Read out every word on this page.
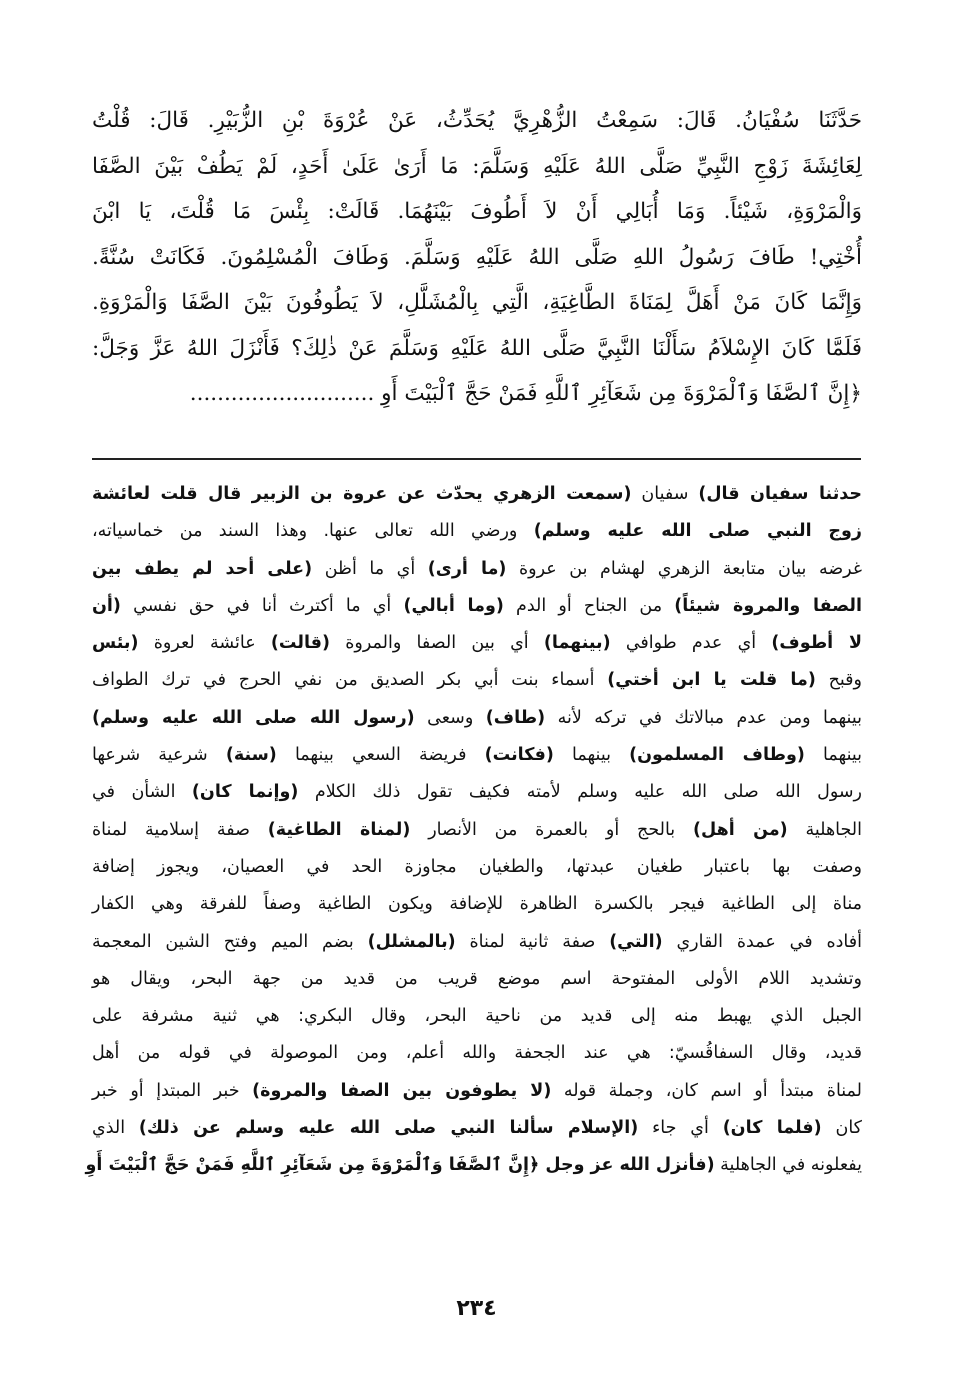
حَدَّثَنَا سُفْيَانُ. قَالَ: سَمِعْتُ الزُّهْرِيَّ يُحَدِّثُ، عَنْ عُرْوَةَ بْنِ الزُّبَيْرِ. قَالَ: قُلْتُ
لِعَائِشَةَ زَوْجِ النَّبِيِّ صَلَّى اللهُ عَلَيْهِ وَسَلَّمَ: مَا أَرَىٰ عَلَىٰ أَحَدٍ، لَمْ يَطُفْ بَيْنَ الصَّفَا
وَالْمَرْوَةِ، شَيْئاً. وَمَا أُبَالِي أَنْ لاَ أَطُوفَ بَيْنَهُمَا. قَالَتْ: بِئْسَ مَا قُلْتَ، يَا ابْنَ
أُخْتِي! طَافَ رَسُولُ اللهِ صَلَّى اللهُ عَلَيْهِ وَسَلَّمَ. وَطَافَ الْمُسْلِمُونَ. فَكَانَتْ سُنَّةً.
وَإِنَّمَا كَانَ مَنْ أَهَلَّ لِمَنَاةَ الطَّاغِيَةِ، الَّتِي بِالْمُشَلَّلِ، لاَ يَطُوفُونَ بَيْنَ الصَّفَا وَالْمَرْوَةِ.
فَلَمَّا كَانَ الإِسْلاَمُ سَأَلْنَا النَّبِيَّ صَلَّى اللهُ عَلَيْهِ وَسَلَّمَ عَنْ ذٰلِكَ؟ فَأَنْزَلَ اللهُ عَزَّ وَجَلَّ:
﴿إِنَّ ٱلصَّفَا وَٱلْمَرْوَةَ مِن شَعَآئِرِ ٱللَّهِ فَمَنْ حَجَّ ٱلْبَيْتَ أَوِ ...........................
حدثنا سفيان قال) سفيان (سمعت الزهري يحدّث عن عروة بن الزبير قال قلت لعائشة
زوج النبي صلى الله عليه وسلم) ورضي الله تعالى عنها. وهذا السند من خماسياته،
غرضه بيان متابعة الزهري لهشام بن عروة (ما أرى) أي ما أظن (على أحد لم يطف بين
الصفا والمروة شيئاً) من الجناح أو الدم (وما أبالي) أي ما أكترث أنا في حق نفسي (أن
لا أطوف) أي عدم طوافي (بينهما) أي بين الصفا والمروة (قالت) عائشة لعروة (بئس
وقبح (ما قلت يا ابن أختي) أسماء بنت أبي بكر الصديق من نفي الحرج في ترك الطواف
بينهما ومن عدم مبالاتك في تركه لأنه (طاف) وسعى (رسول الله صلى الله عليه وسلم)
بينهما (وطاف المسلمون) بينهما (فكانت) فريضة السعي بينهما (سنة) شرعية شرعها
رسول الله صلى الله عليه وسلم لأمته فكيف تقول ذلك الكلام (وإنما كان) الشأن في
الجاهلية (من أهل) بالحج أو بالعمرة من الأنصار (لمناة الطاغية) صفة إسلامية لمناة
وصفت بها باعتبار طغيان عبدتها، والطغيان مجاوزة الحد في العصيان، ويجوز إضافة
مناة إلى الطاغية فيجر بالكسرة الظاهرة للإضافة ويكون الطاغية وصفاً للفرقة وهي الكفار
أفاده في عمدة القاري (التي) صفة ثانية لمناة (بالمشلل) بضم الميم وفتح الشين المعجمة
وتشديد اللام الأولى المفتوحة اسم موضع قريب من قديد من جهة البحر، ويقال هو
الجبل الذي يهبط منه إلى قديد من ناحية البحر، وقال البكري: هي ثنية مشرفة على
قديد، وقال السفاقُسيّ: هي عند الجحفة والله أعلم، ومن الموصولة في قوله من أهل
لمناة مبتدأ أو اسم كان، وجملة قوله (لا يطوفون بين الصفا والمروة) خبر المبتدإ أو خبر
كان (فلما كان) أي جاء (الإسلام سألنا النبي صلى الله عليه وسلم عن ذلك) الذي
يفعلونه في الجاهلية (فأنزل الله عز وجل ﴿إِنَّ ٱلصَّفَا وَٱلْمَرْوَةَ مِن شَعَآئِرِ ٱللَّهِ فَمَنْ حَجَّ ٱلْبَيْتَ أَوِ
٢٣٤
